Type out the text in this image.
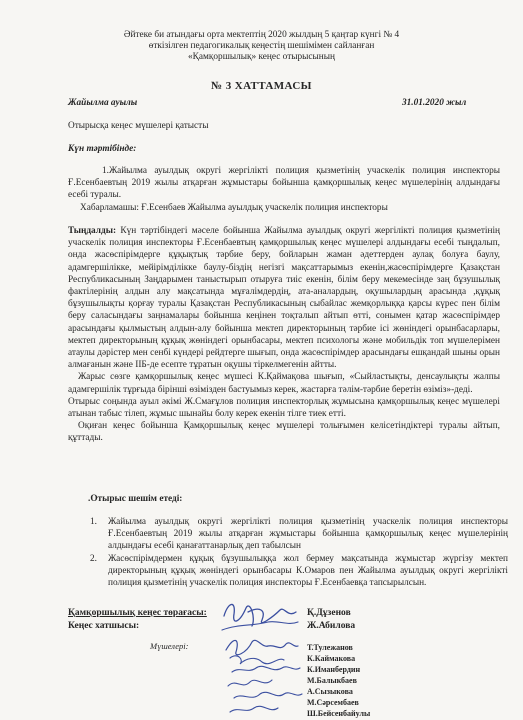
Әйтеке би атындағы орта мектептің 2020 жылдың 5 қаңтар күнгі № 4
өткізілген педагогикалық кеңестің шешімімен сайланған
«Қамқоршылық» кеңес отырысының
№ 3 ХАТТАМАСЫ
Жайылма ауылы	31.01.2020 жыл
Отырысқа кеңес мүшелері қатысты
Күн тәртібінде:
1.Жайылма ауылдық округі жергілікті полиция қызметінің учаскелік полиция инспекторы Ғ.Есенбаевтың 2019 жылы атқарған жұмыстары бойынша қамқоршылық кеңес мүшелерінің алдындағы есебі туралы.
Хабарламашы: Ғ.Есенбаев Жайылма ауылдық учаскелік полиция инспекторы

Тыңдалды: Күн тәртібіндегі мәселе бойынша Жайылма ауылдық округі жергілікті полиция қызметінің учаскелік полиция инспекторы Ғ.Есенбаевтың қамқоршылық кеңес мүшелері алдындағы есебі тыңдалып, онда жасөспірімдерге құқықтық тәрбие беру, бойларын жаман әдеттерден аулақ болуға баулу, адамгершілікке, мейірімділікке баулу-біздің негізгі мақсаттарымыз екенін,жасөспірімдерге Қазақстан Республикасының Заңдарымен таныстырып отыруға тиіс екенін, білім беру мекемесінде заң бұзушылық фактілерінің алдын алу мақсатында мұғалімдердің, ата-аналардың, оқушылардың арасында ,құқық бұзушылықты қорғау туралы Қазақстан Республикасының сыбайлас жемқорлыққа қарсы күрес пен білім беру саласындағы заңнамалары бойынша кеңінен тоқталып айтып өтті, сонымен қатар жасөспірімдер арасындағы қылмыстың алдын-алу бойынша мектеп директорының тәрбие ісі жөніндегі орынбасарлары, мектеп директорының құқық жөніндегі орынбасары, мектеп психологы және мобильдік топ мүшелерімен атаулы дәрістер мен сенбі күндері рейдтерге шығып, онда жасөспірімдер арасындағы ешқандай шыны орын алмағанын және ІІБ-де есепте тұратын оқушы тіркелмегенін айтты.

Жарыс сөзге қамқоршылық кеңес мүшесі К.Қаймақова шығып, «Сыйластықты, денсаулықты жалпы адамгершілік тұрғыда бірінші өзімізден бастуымыз керек, жастарға тәлім-тәрбие беретін өзіміз»-деді.

Отырыс соңында ауыл әкімі Ж.Смағұлов полиция инспекторлық жұмысына қамқоршылық кеңес мүшелері атынан табыс тілеп, жұмыс шынайы болу керек екенін тілге тиек етті.

Оқиған кеңес бойынша Қамқоршылық кеңес мүшелері толығымен келісетіндіктері туралы айтып, құттады.

.Отырыс шешім етеді:
1. Жайылма ауылдық округі жергілікті полиция қызметінің учаскелік полиция инспекторы Ғ.Есенбаевтың 2019 жылы атқарған жұмыстары бойынша қамқоршылық кеңес мүшелерінің алдындағы есебі қанағаттанарлық деп табылсын
2. Жасөспірімдермен құқық бұзушылыққа жол бермеу мақсатында жұмыстар жүргізу мектеп директорының құқық жөніндегі орынбасары К.Омаров пен Жайылма ауылдық округі жергілікті полиция қызметінің учаскелік полиция инспекторы Ғ.Есенбаевқа тапсырылсын.
Қамқоршылық кеңес төрағасы:	Қ.Дұзенов
Кеңес хатшысы:	Ж.Абилова
Мүшелері:	Т.Тулежанов
К.Каймакова
К.Иманбердин
М.Балыкбаев
А.Сызыкова
М.Сәрсембаев
Ш.Бейсенбайулы
